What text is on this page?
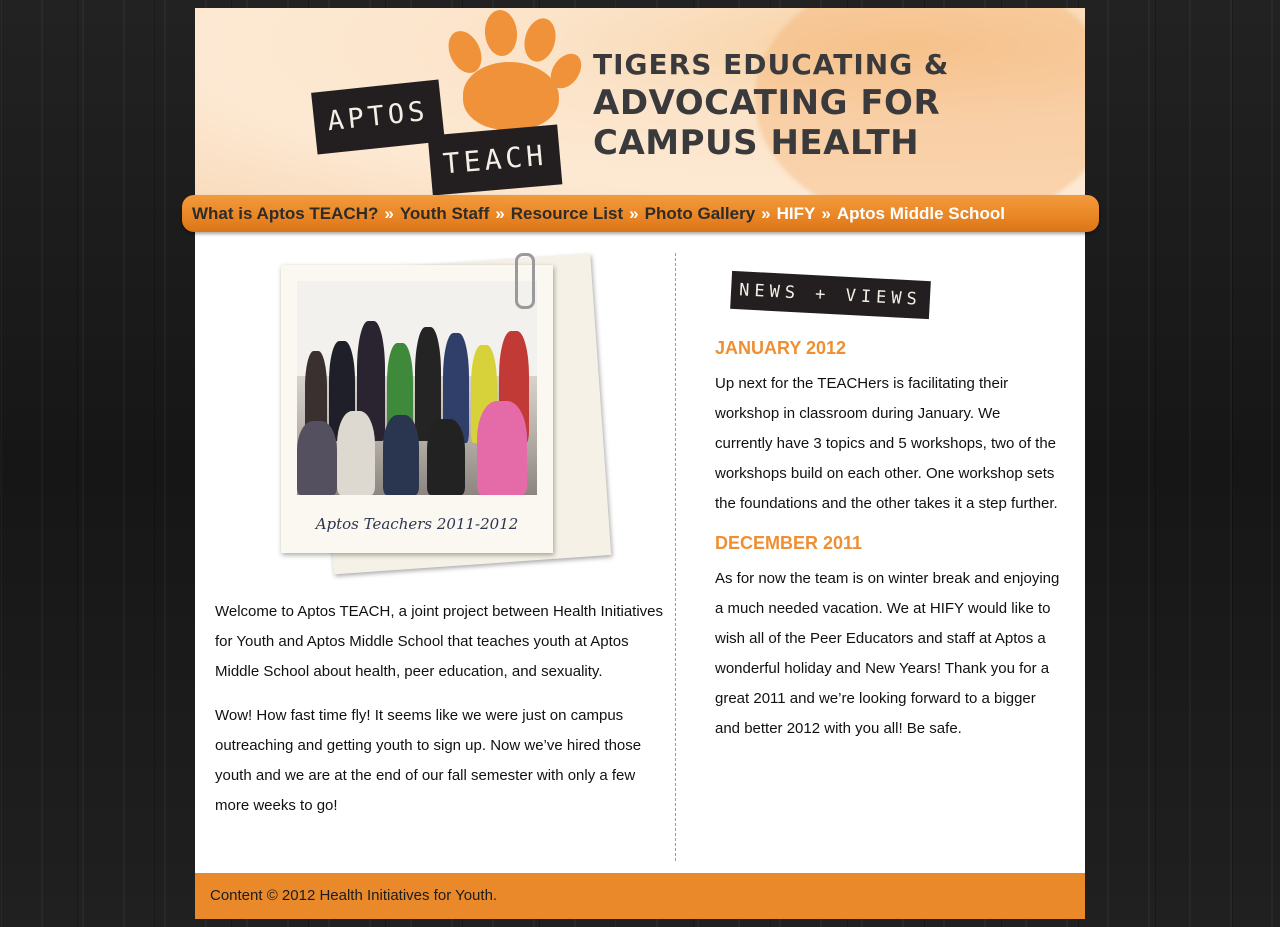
APTOS
TEACH
TIGERS EDUCATING &
ADVOCATING FOR
CAMPUS HEALTH
Aptos Teachers 2011-2012

Welcome to Aptos TEACH, a joint project between Health Initiatives for Youth and Aptos Middle School that teaches youth at Aptos Middle School about health, peer education, and sexuality.

Wow! How fast time fly! It seems like we were just on campus outreaching and getting youth to sign up. Now we’ve hired those youth and we are at the end of our fall semester with only a few more weeks to go!

NEWS + VIEWS
JANUARY 2012

Up next for the TEACHers is facilitating their workshop in classroom during January. We currently have 3 topics and 5 workshops, two of the workshops build on each other. One workshop sets the foundations and the other takes it a step further.

DECEMBER 2011

As for now the team is on winter break and enjoying a much needed vacation. We at HIFY would like to wish all of the Peer Educators and staff at Aptos a wonderful holiday and New Years! Thank you for a great 2011 and we’re looking forward to a bigger and better 2012 with you all! Be safe.

Content © 2012 Health Initiatives for Youth.
What is Aptos TEACH? » Youth Staff » Resource List » Photo Gallery » HIFY » Aptos Middle School
